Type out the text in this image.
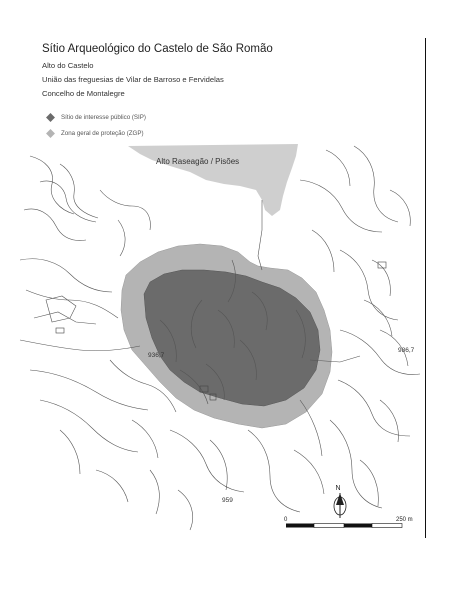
Sítio Arqueológico do Castelo de São Romão
Alto do Castelo
União das freguesias de Vilar de Barroso e Fervidelas
Concelho de Montalegre
Sítio de interesse público (SIP)
Zona geral de proteção (ZGP)
Alto Raseagão / Pisões
936,7
986,7
959
N
0	250 m
